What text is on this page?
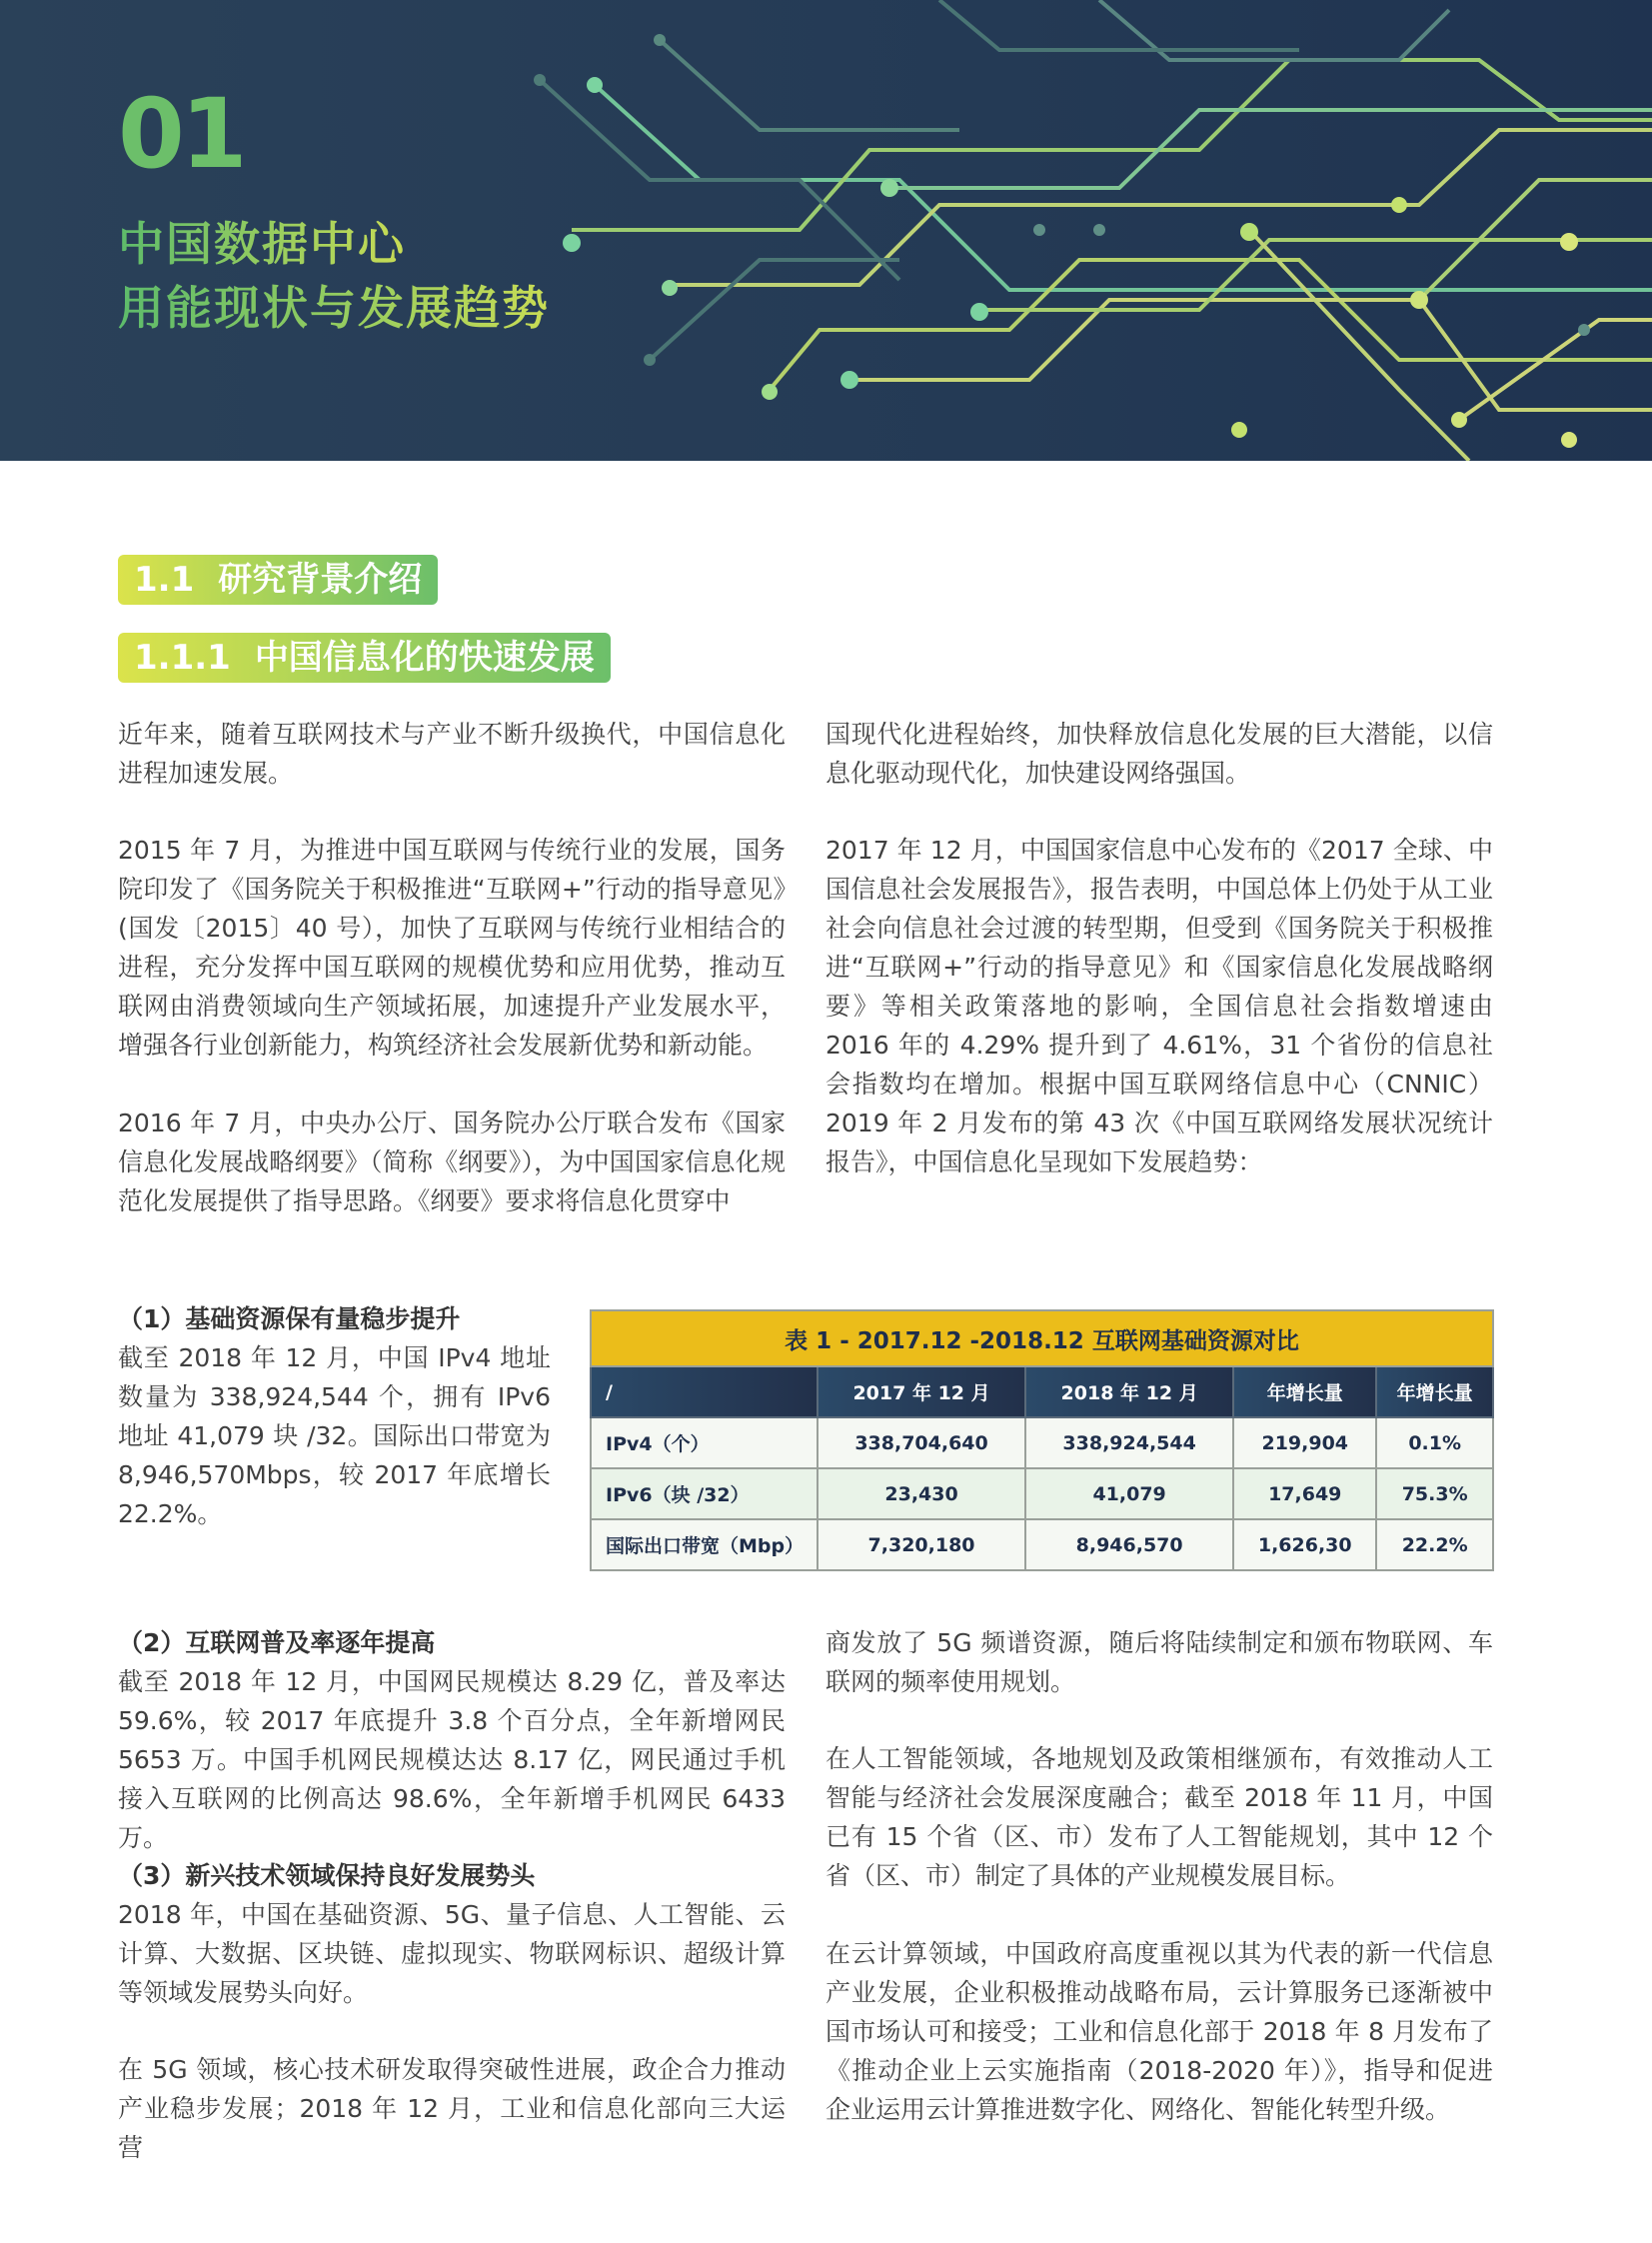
01
中国数据中心
用能现状与发展趋势
1.1 研究背景介绍
1.1.1 中国信息化的快速发展
近年来，随着互联网技术与产业不断升级换代，中国信息化进程加速发展。
2015 年 7 月，为推进中国互联网与传统行业的发展，国务院印发了《国务院关于积极推进“互联网+”行动的指导意见》(国发〔2015〕40 号），加快了互联网与传统行业相结合的进程，充分发挥中国互联网的规模优势和应用优势，推动互联网由消费领域向生产领域拓展，加速提升产业发展水平，增强各行业创新能力，构筑经济社会发展新优势和新动能。
2016 年 7 月，中央办公厅、国务院办公厅联合发布《国家信息化发展战略纲要》（简称《纲要》），为中国国家信息化规范化发展提供了指导思路。《纲要》要求将信息化贯穿中
国现代化进程始终，加快释放信息化发展的巨大潜能，以信息化驱动现代化，加快建设网络强国。
2017 年 12 月，中国国家信息中心发布的《2017 全球、中国信息社会发展报告》，报告表明，中国总体上仍处于从工业社会向信息社会过渡的转型期，但受到《国务院关于积极推进“互联网+”行动的指导意见》和《国家信息化发展战略纲要》等相关政策落地的影响，全国信息社会指数增速由 2016 年的 4.29% 提升到了 4.61%，31 个省份的信息社会指数均在增加。根据中国互联网络信息中心（CNNIC）2019 年 2 月发布的第 43 次《中国互联网络发展状况统计报告》，中国信息化呈现如下发展趋势：
（1）基础资源保有量稳步提升
截至 2018 年 12 月，中国 IPv4 地址数量为 338,924,544 个，拥有 IPv6 地址 41,079 块 /32。国际出口带宽为 8,946,570Mbps，较 2017 年底增长 22.2%。
表 1 - 2017.12 -2018.12 互联网基础资源对比				
/	2017 年 12 月	2018 年 12 月	年增长量	年增长量
IPv4（个）	338,704,640	338,924,544	219,904	0.1%
IPv6（块 /32）	23,430	41,079	17,649	75.3%
国际出口带宽（Mbp）	7,320,180	8,946,570	1,626,30	22.2%
（2）互联网普及率逐年提高
截至 2018 年 12 月，中国网民规模达 8.29 亿，普及率达 59.6%，较 2017 年底提升 3.8 个百分点，全年新增网民 5653 万。中国手机网民规模达达 8.17 亿，网民通过手机接入互联网的比例高达 98.6%，全年新增手机网民 6433 万。
（3）新兴技术领域保持良好发展势头
2018 年，中国在基础资源、5G、量子信息、人工智能、云计算、大数据、区块链、虚拟现实、物联网标识、超级计算等领域发展势头向好。
在 5G 领域，核心技术研发取得突破性进展，政企合力推动产业稳步发展；2018 年 12 月，工业和信息化部向三大运营
商发放了 5G 频谱资源，随后将陆续制定和颁布物联网、车联网的频率使用规划。
在人工智能领域，各地规划及政策相继颁布，有效推动人工智能与经济社会发展深度融合；截至 2018 年 11 月，中国已有 15 个省（区、市）发布了人工智能规划，其中 12 个省（区、市）制定了具体的产业规模发展目标。
在云计算领域，中国政府高度重视以其为代表的新一代信息产业发展，企业积极推动战略布局，云计算服务已逐渐被中国市场认可和接受；工业和信息化部于 2018 年 8 月发布了《推动企业上云实施指南（2018-2020 年）》，指导和促进企业运用云计算推进数字化、网络化、智能化转型升级。
